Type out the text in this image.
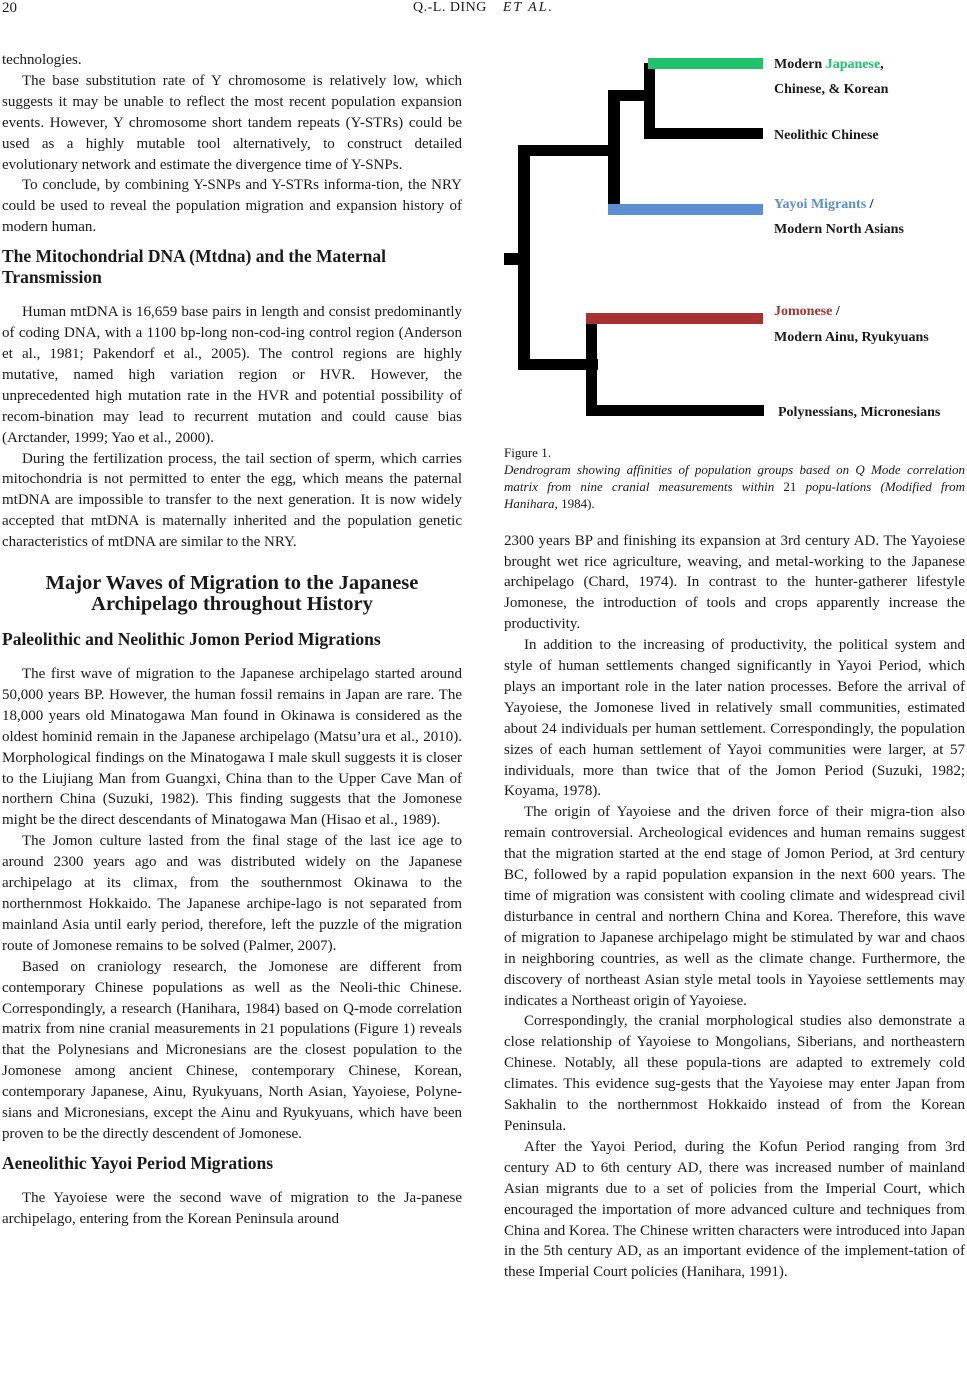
20	Q.-L. DING ET AL.

technologies.

The base substitution rate of Y chromosome is relatively low, which suggests it may be unable to reflect the most recent population expansion events. However, Y chromosome short tandem repeats (Y-STRs) could be used as a highly mutable tool alternatively, to construct detailed evolutionary network and estimate the divergence time of Y-SNPs.

To conclude, by combining Y-SNPs and Y-STRs informa-tion, the NRY could be used to reveal the population migration and expansion history of modern human.

The Mitochondrial DNA (Mtdna) and the Maternal Transmission

Human mtDNA is 16,659 base pairs in length and consist predominantly of coding DNA, with a 1100 bp-long non-cod-ing control region (Anderson et al., 1981; Pakendorf et al., 2005). The control regions are highly mutative, named high variation region or HVR. However, the unprecedented high mutation rate in the HVR and potential possibility of recom-bination may lead to recurrent mutation and could cause bias (Arctander, 1999; Yao et al., 2000).

During the fertilization process, the tail section of sperm, which carries mitochondria is not permitted to enter the egg, which means the paternal mtDNA are impossible to transfer to the next generation. It is now widely accepted that mtDNA is maternally inherited and the population genetic characteristics of mtDNA are similar to the NRY.

Major Waves of Migration to the Japanese Archipelago throughout History
Paleolithic and Neolithic Jomon Period Migrations

The first wave of migration to the Japanese archipelago started around 50,000 years BP. However, the human fossil remains in Japan are rare. The 18,000 years old Minatogawa Man found in Okinawa is considered as the oldest hominid remain in the Japanese archipelago (Matsu’ura et al., 2010). Morphological findings on the Minatogawa I male skull suggests it is closer to the Liujiang Man from Guangxi, China than to the Upper Cave Man of northern China (Suzuki, 1982). This finding suggests that the Jomonese might be the direct descendants of Minatogawa Man (Hisao et al., 1989).

The Jomon culture lasted from the final stage of the last ice age to around 2300 years ago and was distributed widely on the Japanese archipelago at its climax, from the southernmost Okinawa to the northernmost Hokkaido. The Japanese archipe-lago is not separated from mainland Asia until early period, therefore, left the puzzle of the migration route of Jomonese remains to be solved (Palmer, 2007).

Based on craniology research, the Jomonese are different from contemporary Chinese populations as well as the Neoli-thic Chinese. Correspondingly, a research (Hanihara, 1984) based on Q-mode correlation matrix from nine cranial measurements in 21 populations (Figure 1) reveals that the Polynesians and Micronesians are the closest population to the Jomonese among ancient Chinese, contemporary Chinese, Korean, contemporary Japanese, Ainu, Ryukyuans, North Asian, Yayoiese, Polyne-sians and Micronesians, except the Ainu and Ryukyuans, which have been proven to be the directly descendent of Jomonese.

Aeneolithic Yayoi Period Migrations

The Yayoiese were the second wave of migration to the Ja-panese archipelago, entering from the Korean Peninsula around

Modern Japanese,
Chinese, & Korean
Neolithic Chinese
Yayoi Migrants /
Modern North Asians
Jomonese /
Modern Ainu, Ryukyuans
Polynessians, Micronesians
Figure 1.
Dendrogram showing affinities of population groups based on Q Mode correlation matrix from nine cranial measurements within 21 popu-lations (Modified from Hanihara, 1984).

2300 years BP and finishing its expansion at 3rd century AD. The Yayoiese brought wet rice agriculture, weaving, and metal-working to the Japanese archipelago (Chard, 1974). In contrast to the hunter-gatherer lifestyle Jomonese, the introduction of tools and crops apparently increase the productivity.

In addition to the increasing of productivity, the political system and style of human settlements changed significantly in Yayoi Period, which plays an important role in the later nation processes. Before the arrival of Yayoiese, the Jomonese lived in relatively small communities, estimated about 24 individuals per human settlement. Correspondingly, the population sizes of each human settlement of Yayoi communities were larger, at 57 individuals, more than twice that of the Jomon Period (Suzuki, 1982; Koyama, 1978).

The origin of Yayoiese and the driven force of their migra-tion also remain controversial. Archeological evidences and human remains suggest that the migration started at the end stage of Jomon Period, at 3rd century BC, followed by a rapid population expansion in the next 600 years. The time of migration was consistent with cooling climate and widespread civil disturbance in central and northern China and Korea. Therefore, this wave of migration to Japanese archipelago might be stimulated by war and chaos in neighboring countries, as well as the climate change. Furthermore, the discovery of northeast Asian style metal tools in Yayoiese settlements may indicates a Northeast origin of Yayoiese.

Correspondingly, the cranial morphological studies also demonstrate a close relationship of Yayoiese to Mongolians, Siberians, and northeastern Chinese. Notably, all these popula-tions are adapted to extremely cold climates. This evidence sug-gests that the Yayoiese may enter Japan from Sakhalin to the northernmost Hokkaido instead of from the Korean Peninsula.

After the Yayoi Period, during the Kofun Period ranging from 3rd century AD to 6th century AD, there was increased number of mainland Asian migrants due to a set of policies from the Imperial Court, which encouraged the importation of more advanced culture and techniques from China and Korea. The Chinese written characters were introduced into Japan in the 5th century AD, as an important evidence of the implement-tation of these Imperial Court policies (Hanihara, 1991).
